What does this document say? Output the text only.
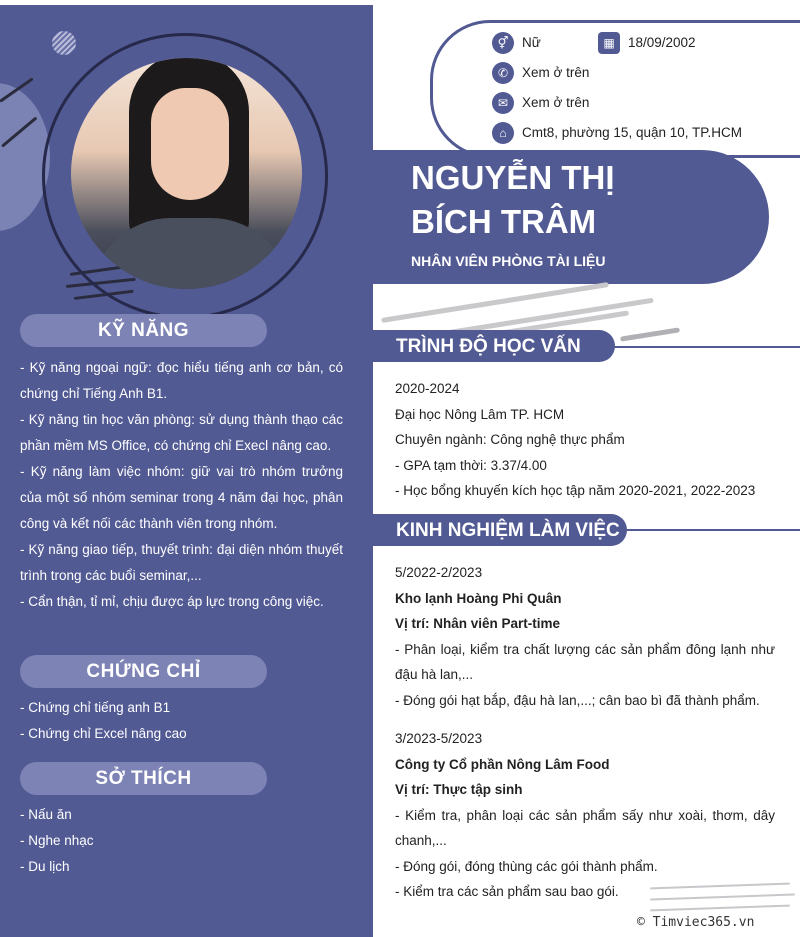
KỸ NĂNG

- Kỹ năng ngoại ngữ: đọc hiểu tiếng anh cơ bản, có chứng chỉ Tiếng Anh B1.

- Kỹ năng tin học văn phòng: sử dụng thành thạo các phần mềm MS Office, có chứng chỉ Execl nâng cao.

- Kỹ năng làm việc nhóm: giữ vai trò nhóm trưởng của một số nhóm seminar trong 4 năm đại học, phân công và kết nối các thành viên trong nhóm.

- Kỹ năng giao tiếp, thuyết trình: đại diện nhóm thuyết trình trong các buổi seminar,...

- Cẩn thận, tỉ mỉ, chịu được áp lực trong công việc.

CHỨNG CHỈ

- Chứng chỉ tiếng anh B1

- Chứng chỉ Excel nâng cao

SỞ THÍCH

- Nấu ăn

- Nghe nhạc

- Du lịch

⚥	Nữ	▦ 18/09/2002
✆	Xem ở trên
✉	Xem ở trên
⌂	Cmt8, phường 15, quận 10, TP.HCM
NGUYỄN THỊ
BÍCH TRÂM
NHÂN VIÊN PHÒNG TÀI LIỆU
TRÌNH ĐỘ HỌC VẤN

2020-2024

Đại học Nông Lâm TP. HCM

Chuyên ngành: Công nghệ thực phẩm

- GPA tạm thời: 3.37/4.00

- Học bổng khuyến kích học tập năm 2020-2021, 2022-2023

KINH NGHIỆM LÀM VIỆC

5/2022-2/2023

Kho lạnh Hoàng Phi Quân

Vị trí: Nhân viên Part-time

- Phân loại, kiểm tra chất lượng các sản phẩm đông lạnh như đậu hà lan,...

- Đóng gói hạt bắp, đậu hà lan,...; cân bao bì đã thành phẩm.

3/2023-5/2023

Công ty Cổ phần Nông Lâm Food

Vị trí: Thực tập sinh

- Kiểm tra, phân loại các sản phẩm sấy như xoài, thơm, dây chanh,...

- Đóng gói, đóng thùng các gói thành phẩm.

- Kiểm tra các sản phẩm sau bao gói.

© Timviec365.vn
